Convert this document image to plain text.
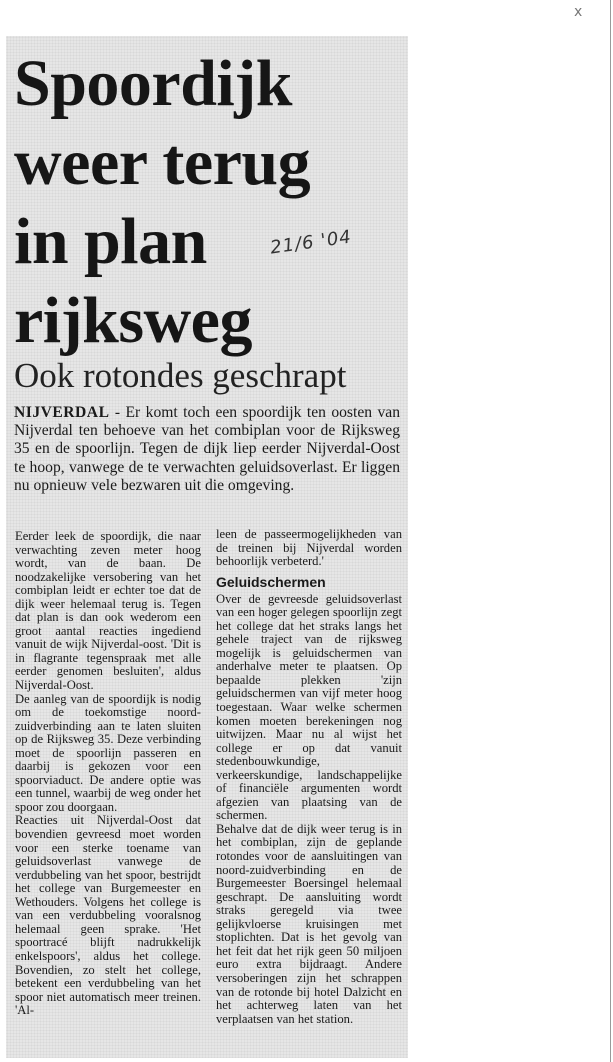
x
Spoordijk
weer terug
in plan
rijksweg
21/6 '04
Ook rotondes geschrapt
NIJVERDAL - Er komt toch een spoordijk ten oosten van Nijverdal ten behoeve van het combiplan voor de Rijksweg 35 en de spoorlijn. Tegen de dijk liep eerder Nijverdal-Oost te hoop, vanwege de te verwachten geluidsoverlast. Er liggen nu opnieuw vele bezwaren uit die omgeving.

Eerder leek de spoordijk, die naar verwachting zeven meter hoog wordt, van de baan. De noodzakelijke versobering van het combiplan leidt er echter toe dat de dijk weer helemaal terug is. Tegen dat plan is dan ook wederom een groot aantal reacties ingediend vanuit de wijk Nijverdal-oost. 'Dit is in flagrante tegenspraak met alle eerder genomen besluiten', aldus Nijverdal-Oost.

De aanleg van de spoordijk is nodig om de toekomstige noord-zuidverbinding aan te laten sluiten op de Rijksweg 35. Deze verbinding moet de spoorlijn passeren en daarbij is gekozen voor een spoorviaduct. De andere optie was een tunnel, waarbij de weg onder het spoor zou doorgaan.

Reacties uit Nijverdal-Oost dat bovendien gevreesd moet worden voor een sterke toename van geluidsoverlast vanwege de verdubbeling van het spoor, bestrijdt het college van Burgemeester en Wethouders. Volgens het college is van een verdubbeling vooralsnog helemaal geen sprake. 'Het spoortracé blijft nadrukkelijk enkelspoors', aldus het college. Bovendien, zo stelt het college, betekent een verdubbeling van het spoor niet automatisch meer treinen. 'Al-

leen de passeermogelijkheden van de treinen bij Nijverdal worden behoorlijk verbeterd.'

Geluidschermen

Over de gevreesde geluidsoverlast van een hoger gelegen spoorlijn zegt het college dat het straks langs het gehele traject van de rijksweg mogelijk is geluidschermen van anderhalve meter te plaatsen. Op bepaalde plekken 'zijn geluidschermen van vijf meter hoog toegestaan. Waar welke schermen komen moeten berekeningen nog uitwijzen. Maar nu al wijst het college er op dat vanuit stedenbouwkundige, verkeerskundige, landschappelijke of financiële argumenten wordt afgezien van plaatsing van de schermen.

Behalve dat de dijk weer terug is in het combiplan, zijn de geplande rotondes voor de aansluitingen van noord-zuidverbinding en de Burgemeester Boersingel helemaal geschrapt. De aansluiting wordt straks geregeld via twee gelijkvloerse kruisingen met stoplichten. Dat is het gevolg van het feit dat het rijk geen 50 miljoen euro extra bijdraagt. Andere versoberingen zijn het schrappen van de rotonde bij hotel Dalzicht en het achterweg laten van het verplaatsen van het station.
